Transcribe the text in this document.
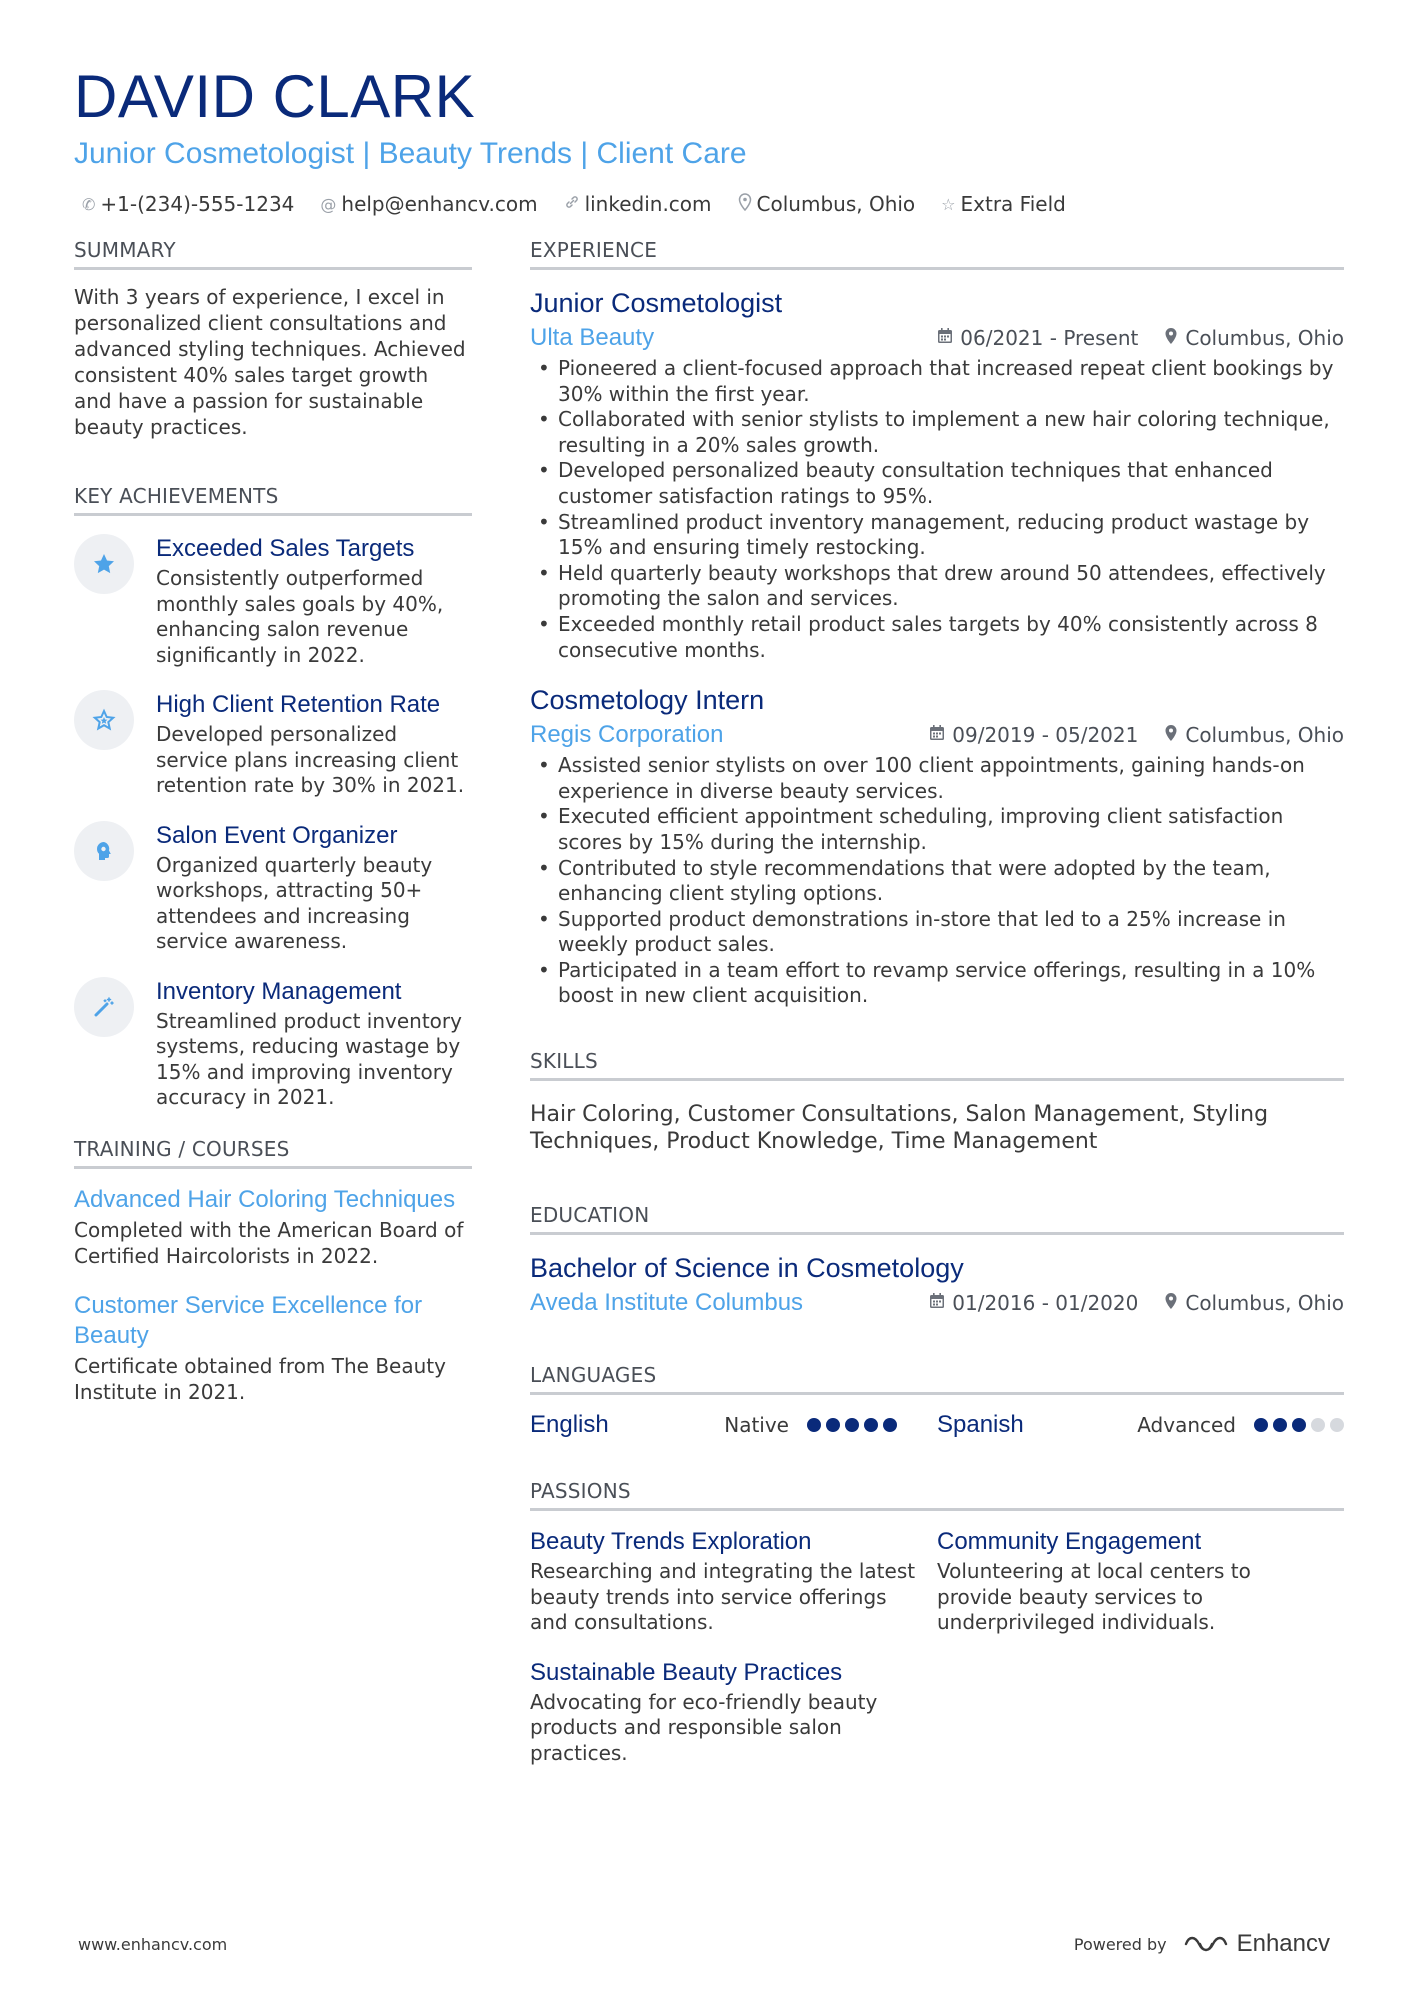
DAVID CLARK
Junior Cosmetologist | Beauty Trends | Client Care
✆ +1-(234)-555-1234 @ help@enhancv.com linkedin.com Columbus, Ohio ☆ Extra Field
SUMMARY
With 3 years of experience, I excel in personalized client consultations and advanced styling techniques. Achieved consistent 40% sales target growth and have a passion for sustainable beauty practices.
KEY ACHIEVEMENTS
Exceeded Sales Targets
Consistently outperformed monthly sales goals by 40%, enhancing salon revenue significantly in 2022.
High Client Retention Rate
Developed personalized service plans increasing client retention rate by 30% in 2021.
Salon Event Organizer
Organized quarterly beauty workshops, attracting 50+ attendees and increasing service awareness.
Inventory Management
Streamlined product inventory systems, reducing wastage by 15% and improving inventory accuracy in 2021.
TRAINING / COURSES
Advanced Hair Coloring Techniques
Completed with the American Board of Certified Haircolorists in 2022.
Customer Service Excellence for Beauty
Certificate obtained from The Beauty Institute in 2021.
EXPERIENCE
Junior Cosmetologist
Ulta Beauty	06/2021 - Present Columbus, Ohio
• Pioneered a client-focused approach that increased repeat client bookings by 30% within the first year.
• Collaborated with senior stylists to implement a new hair coloring technique, resulting in a 20% sales growth.
• Developed personalized beauty consultation techniques that enhanced customer satisfaction ratings to 95%.
• Streamlined product inventory management, reducing product wastage by 15% and ensuring timely restocking.
• Held quarterly beauty workshops that drew around 50 attendees, effectively promoting the salon and services.
• Exceeded monthly retail product sales targets by 40% consistently across 8 consecutive months.
Cosmetology Intern
Regis Corporation	09/2019 - 05/2021 Columbus, Ohio
• Assisted senior stylists on over 100 client appointments, gaining hands-on experience in diverse beauty services.
• Executed efficient appointment scheduling, improving client satisfaction scores by 15% during the internship.
• Contributed to style recommendations that were adopted by the team, enhancing client styling options.
• Supported product demonstrations in-store that led to a 25% increase in weekly product sales.
• Participated in a team effort to revamp service offerings, resulting in a 10% boost in new client acquisition.
SKILLS
Hair Coloring, Customer Consultations, Salon Management, Styling Techniques, Product Knowledge, Time Management
EDUCATION
Bachelor of Science in Cosmetology
Aveda Institute Columbus	01/2016 - 01/2020 Columbus, Ohio
LANGUAGES
English	Native	Spanish	Advanced
PASSIONS
Beauty Trends Exploration
Researching and integrating the latest beauty trends into service offerings and consultations.
Community Engagement
Volunteering at local centers to provide beauty services to underprivileged individuals.
Sustainable Beauty Practices
Advocating for eco-friendly beauty products and responsible salon practices.
www.enhancv.com	Powered by	Enhancv
